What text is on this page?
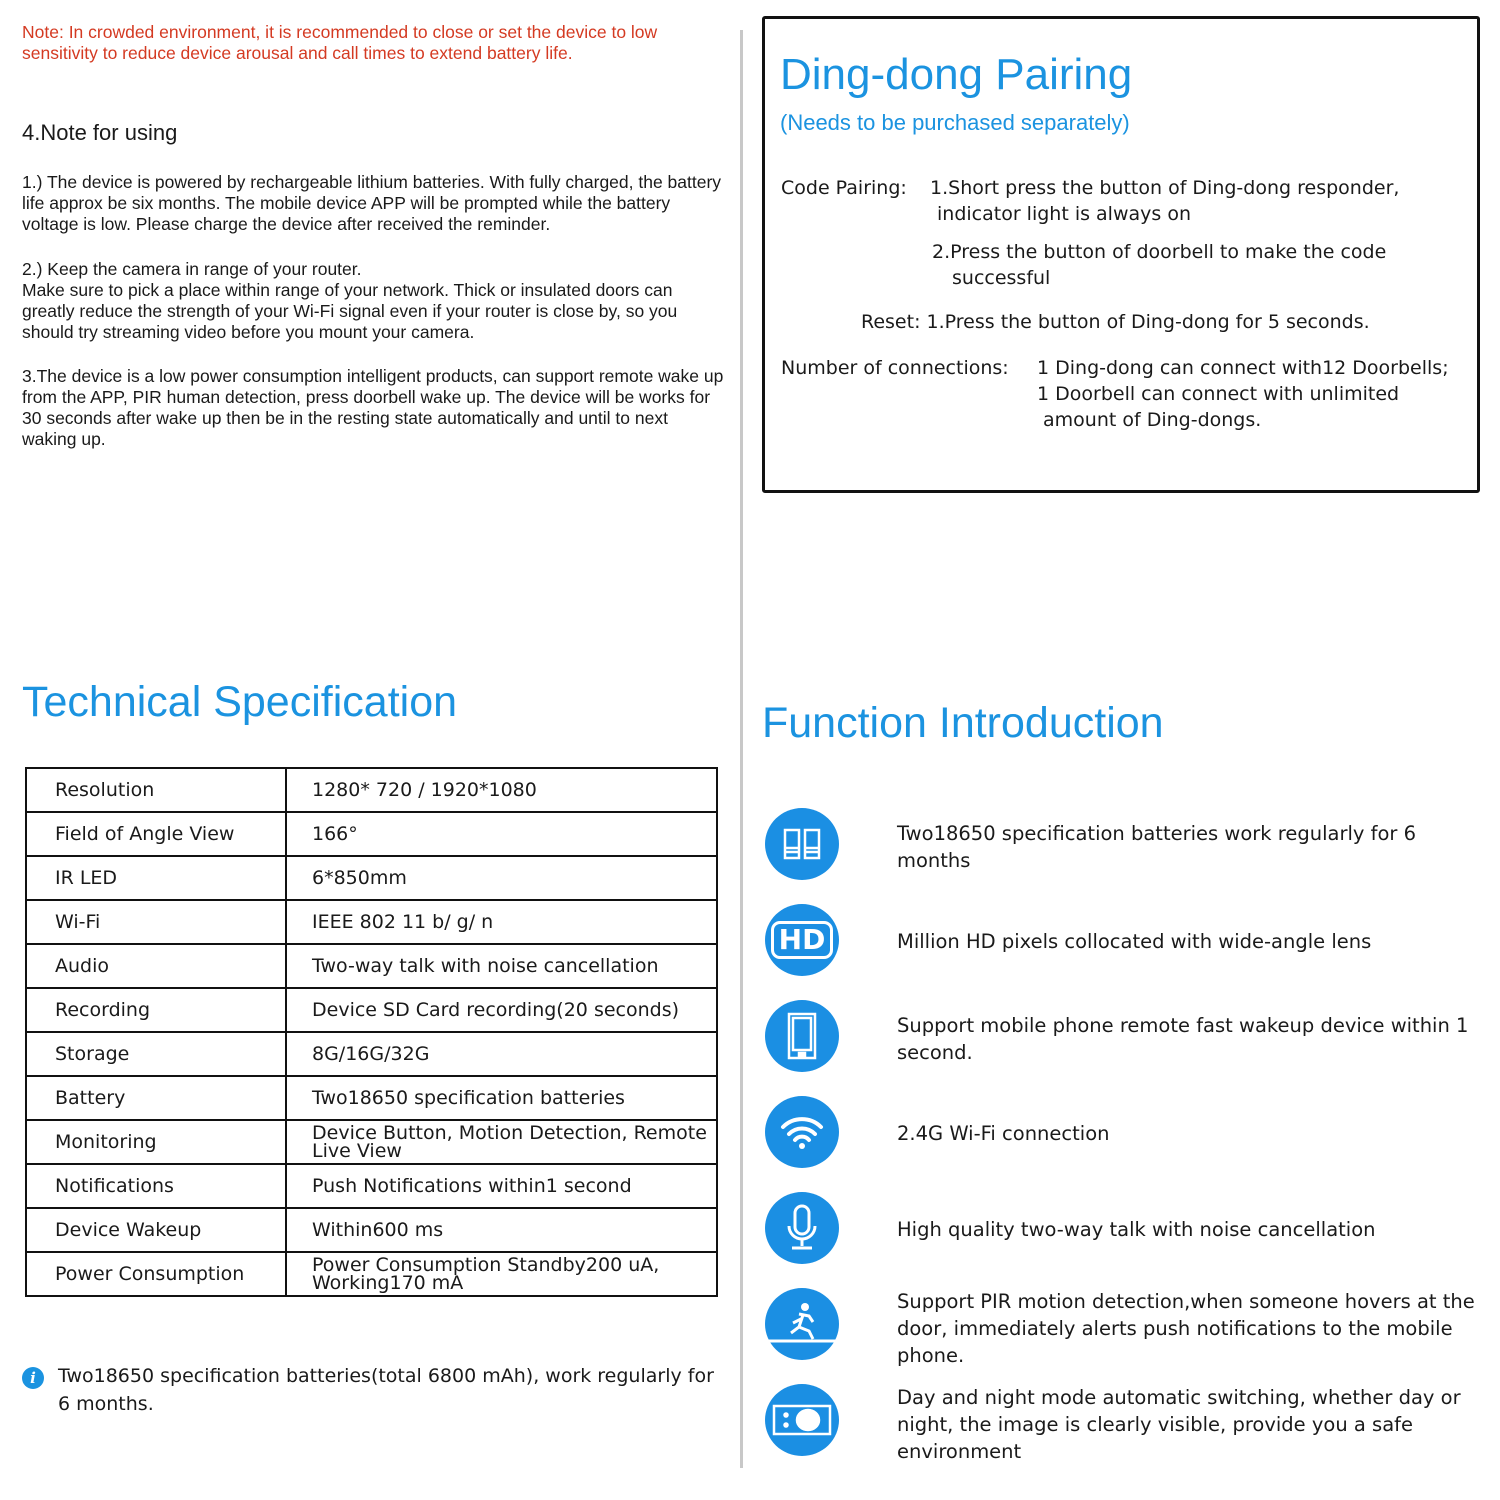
Note: In crowded environment, it is recommended to close or set the device to low sensitivity to reduce device arousal and call times to extend battery life.
4.Note for using
1.) The device is powered by rechargeable lithium batteries. With fully charged, the battery life approx be six months. The mobile device APP will be prompted while the battery voltage is low. Please charge the device after received the reminder.
2.) Keep the camera in range of your router.
Make sure to pick a place within range of your network. Thick or insulated doors can greatly reduce the strength of your Wi-Fi signal even if your router is close by, so you should try streaming video before you mount your camera.
3.The device is a low power consumption intelligent products, can support remote wake up from the APP, PIR human detection, press doorbell wake up. The device will be works for 30 seconds after wake up then be in the resting state automatically and until to next waking up.
Ding-dong Pairing
(Needs to be purchased separately)
Code Pairing: 1.Short press the button of Ding-dong responder,
indicator light is always on
2.Press the button of doorbell to make the code
successful
Reset: 1.Press the button of Ding-dong for 5 seconds.
Number of connections: 1 Ding-dong can connect with12 Doorbells;
1 Doorbell can connect with unlimited
amount of Ding-dongs.
Technical Specification
Resolution	1280* 720 / 1920*1080
Field of Angle View	166°
IR LED	6*850mm
Wi-Fi	IEEE 802 11 b/ g/ n
Audio	Two-way talk with noise cancellation
Recording	Device SD Card recording(20 seconds)
Storage	8G/16G/32G
Battery	Two18650 specification batteries
Monitoring	Device Button, Motion Detection, Remote Live View
Notifications	Push Notifications within1 second
Device Wakeup	Within600 ms
Power Consumption	Power Consumption Standby200 uA, Working170 mA
i	Two18650 specification batteries(total 6800 mAh), work regularly for 6 months.
Function Introduction
Two18650 specification batteries work regularly for 6 months
HD	Million HD pixels collocated with wide-angle lens
Support mobile phone remote fast wakeup device within 1 second.
2.4G Wi-Fi connection
High quality two-way talk with noise cancellation
Support PIR motion detection,when someone hovers at the door, immediately alerts push notifications to the mobile phone.
Day and night mode automatic switching, whether day or night, the image is clearly visible, provide you a safe environment
